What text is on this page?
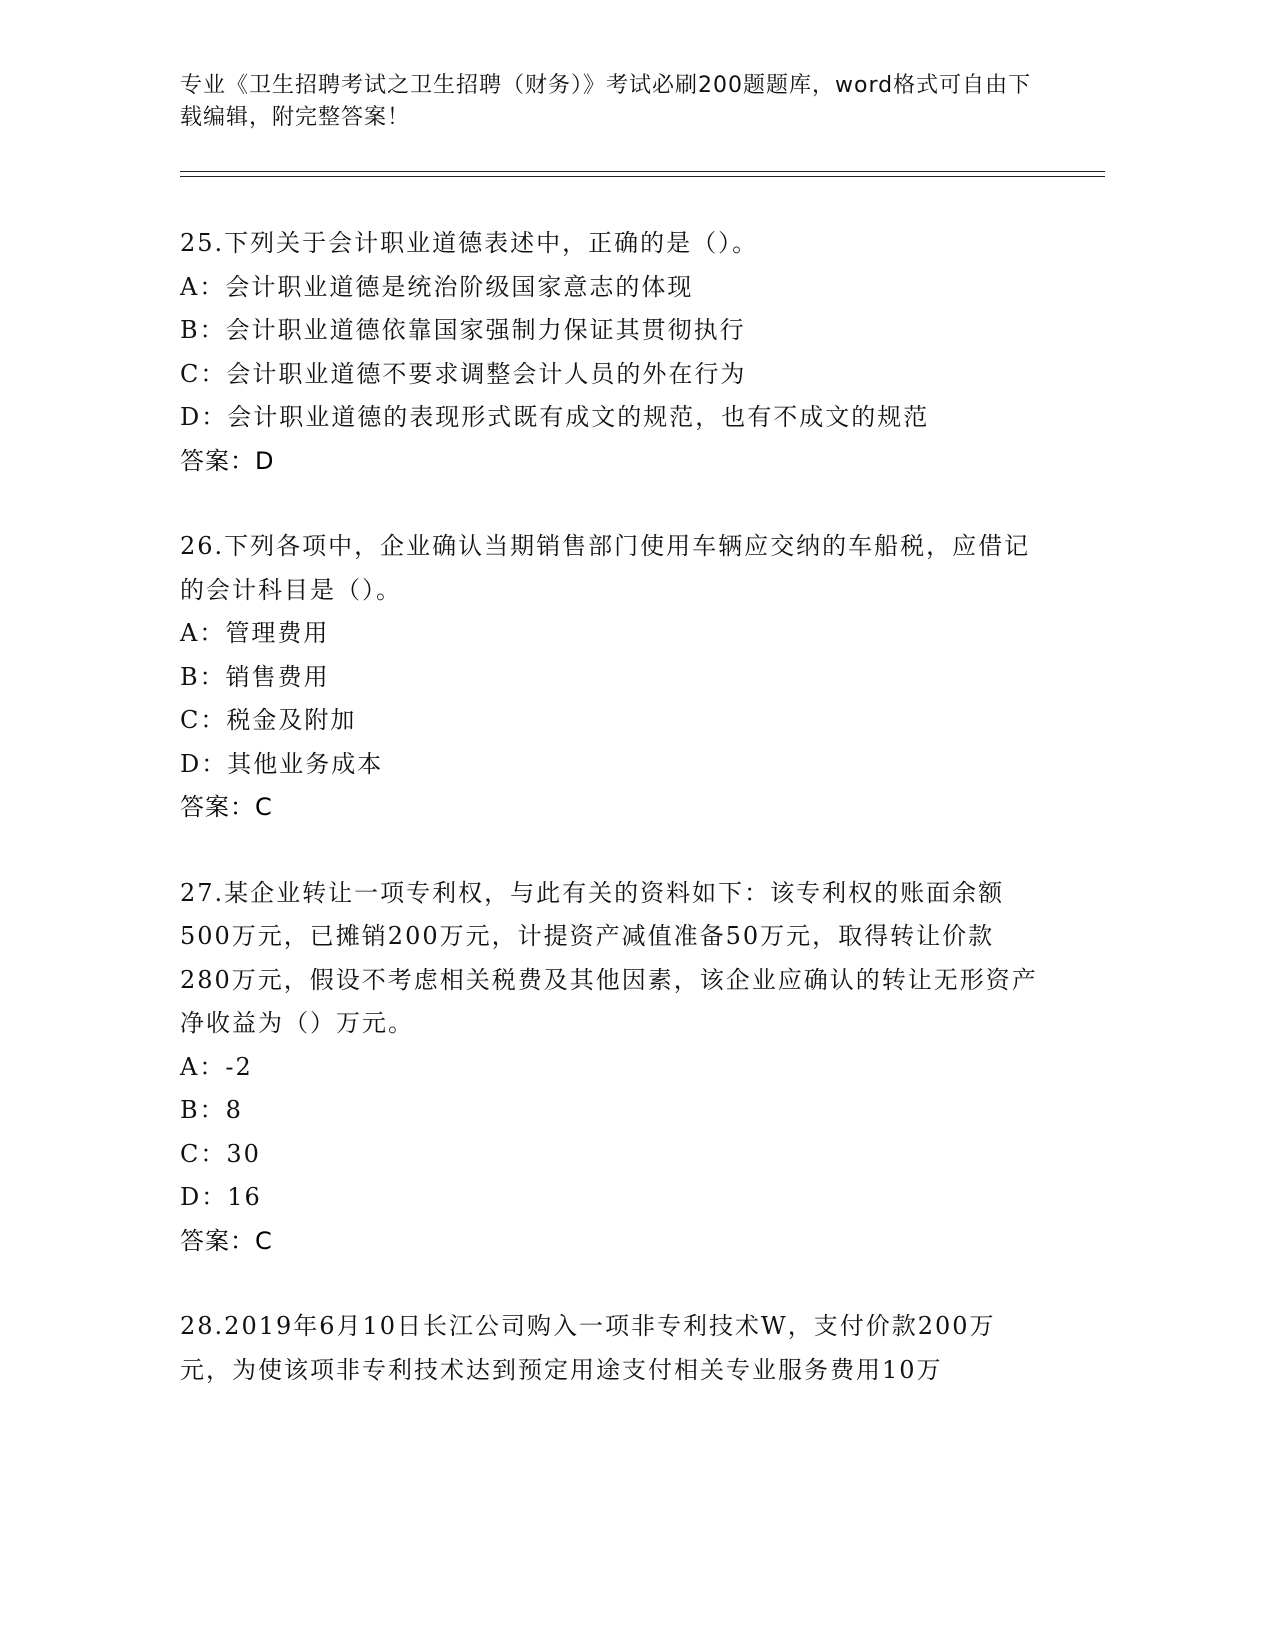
专业《卫生招聘考试之卫生招聘（财务）》考试必刷200题题库，word格式可自由下载编辑，附完整答案！

25.下列关于会计职业道德表述中，正确的是（）。

A：会计职业道德是统治阶级国家意志的体现

B：会计职业道德依靠国家强制力保证其贯彻执行

C：会计职业道德不要求调整会计人员的外在行为

D：会计职业道德的表现形式既有成文的规范，也有不成文的规范

答案：D

26.下列各项中，企业确认当期销售部门使用车辆应交纳的车船税，应借记的会计科目是（）。

A：管理费用

B：销售费用

C：税金及附加

D：其他业务成本

答案：C

27.某企业转让一项专利权，与此有关的资料如下：该专利权的账面余额500万元，已摊销200万元，计提资产减值准备50万元，取得转让价款280万元，假设不考虑相关税费及其他因素，该企业应确认的转让无形资产净收益为（）万元。

A：-2

B：8

C：30

D：16

答案：C

28.2019年6月10日长江公司购入一项非专利技术W，支付价款200万元，为使该项非专利技术达到预定用途支付相关专业服务费用10万
